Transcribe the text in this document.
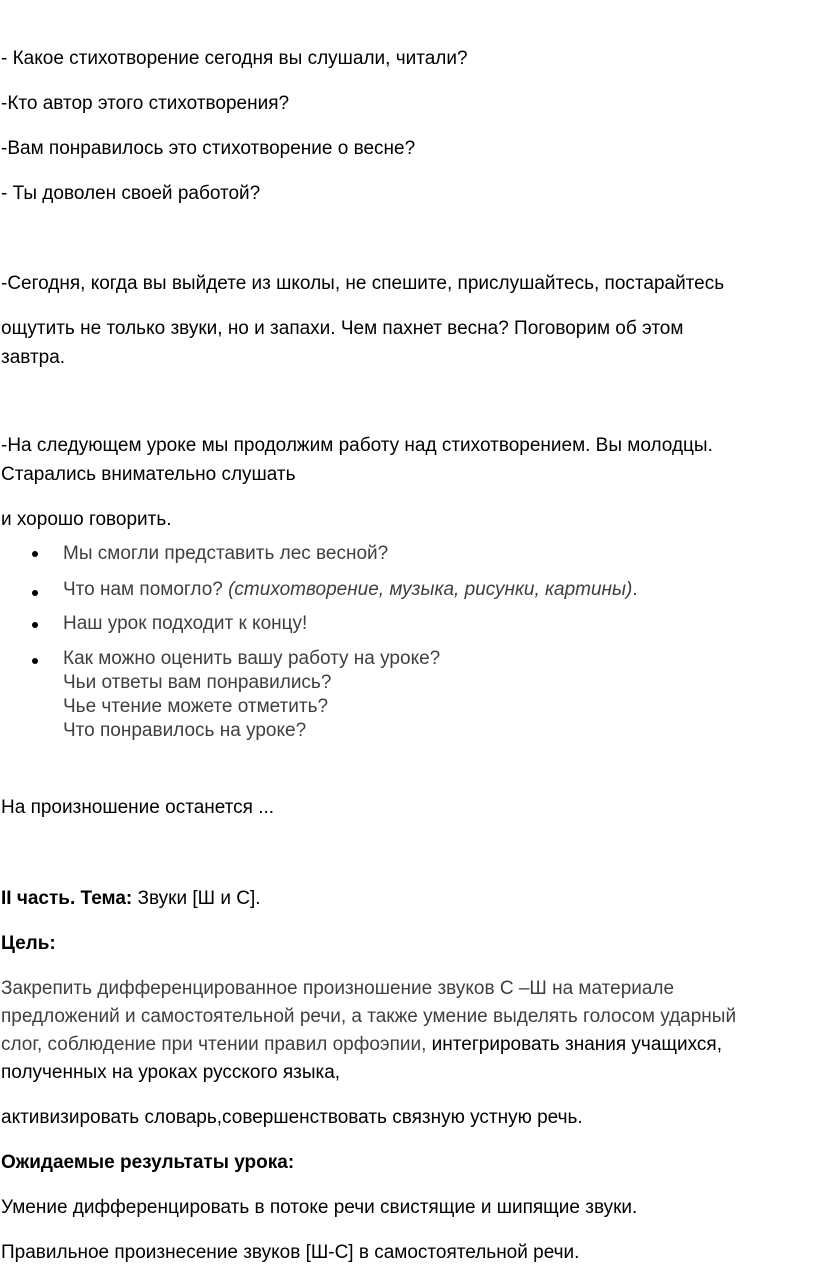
- Какое стихотворение сегодня вы слушали, читали?
-Кто автор этого стихотворения?
-Вам понравилось это стихотворение о весне?
- Ты доволен своей работой?
-Сегодня, когда вы выйдете из школы, не спешите, прислушайтесь, постарайтесь
ощутить не только звуки, но и запахи. Чем пахнет весна? Поговорим об этом
завтра.
-На следующем уроке мы продолжим работу над стихотворением. Вы молодцы.
Старались внимательно слушать
и хорошо говорить.
Мы смогли представить лес весной?
Что нам помогло? (стихотворение, музыка, рисунки, картины).
Наш урок подходит к концу!
Как можно оценить вашу работу на уроке?
Чьи ответы вам понравились?
Чье чтение можете отметить?
Что понравилось на уроке?
На произношение останется ...
II часть. Тема: Звуки [Ш и С].
Цель:
Закрепить дифференцированное произношение звуков С –Ш на материале
предложений и самостоятельной речи, а также умение выделять голосом ударный
слог, соблюдение при чтении правил орфоэпии, интегрировать знания учащихся,
полученных на уроках русского языка,
активизировать словарь,совершенствовать связную устную речь.
Ожидаемые результаты урока:
Умение дифференцировать в потоке речи свистящие и шипящие звуки.
Правильное произнесение звуков [Ш-С] в самостоятельной речи.
